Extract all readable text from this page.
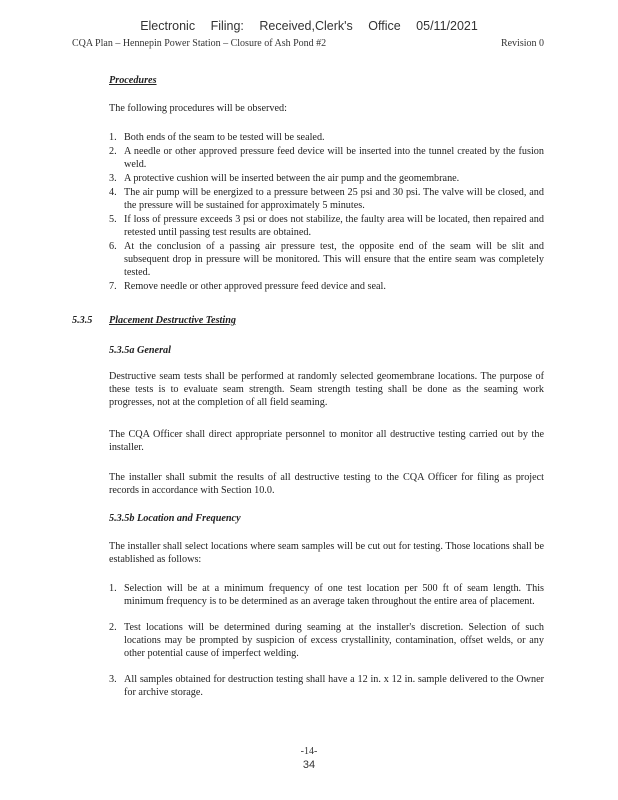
Electronic Filing: Received,Clerk's Office 05/11/2021
CQA Plan – Hennepin Power Station – Closure of Ash Pond #2	Revision 0
Procedures
The following procedures will be observed:
1. Both ends of the seam to be tested will be sealed.
2. A needle or other approved pressure feed device will be inserted into the tunnel created by the fusion weld.
3. A protective cushion will be inserted between the air pump and the geomembrane.
4. The air pump will be energized to a pressure between 25 psi and 30 psi. The valve will be closed, and the pressure will be sustained for approximately 5 minutes.
5. If loss of pressure exceeds 3 psi or does not stabilize, the faulty area will be located, then repaired and retested until passing test results are obtained.
6. At the conclusion of a passing air pressure test, the opposite end of the seam will be slit and subsequent drop in pressure will be monitored. This will ensure that the entire seam was completely tested.
7. Remove needle or other approved pressure feed device and seal.
5.3.5 Placement Destructive Testing
5.3.5a General
Destructive seam tests shall be performed at randomly selected geomembrane locations. The purpose of these tests is to evaluate seam strength. Seam strength testing shall be done as the seaming work progresses, not at the completion of all field seaming.
The CQA Officer shall direct appropriate personnel to monitor all destructive testing carried out by the installer.
The installer shall submit the results of all destructive testing to the CQA Officer for filing as project records in accordance with Section 10.0.
5.3.5b Location and Frequency
The installer shall select locations where seam samples will be cut out for testing. Those locations shall be established as follows:
1. Selection will be at a minimum frequency of one test location per 500 ft of seam length. This minimum frequency is to be determined as an average taken throughout the entire area of placement.
2. Test locations will be determined during seaming at the installer's discretion. Selection of such locations may be prompted by suspicion of excess crystallinity, contamination, offset welds, or any other potential cause of imperfect welding.
3. All samples obtained for destruction testing shall have a 12 in. x 12 in. sample delivered to the Owner for archive storage.
-14-
34
